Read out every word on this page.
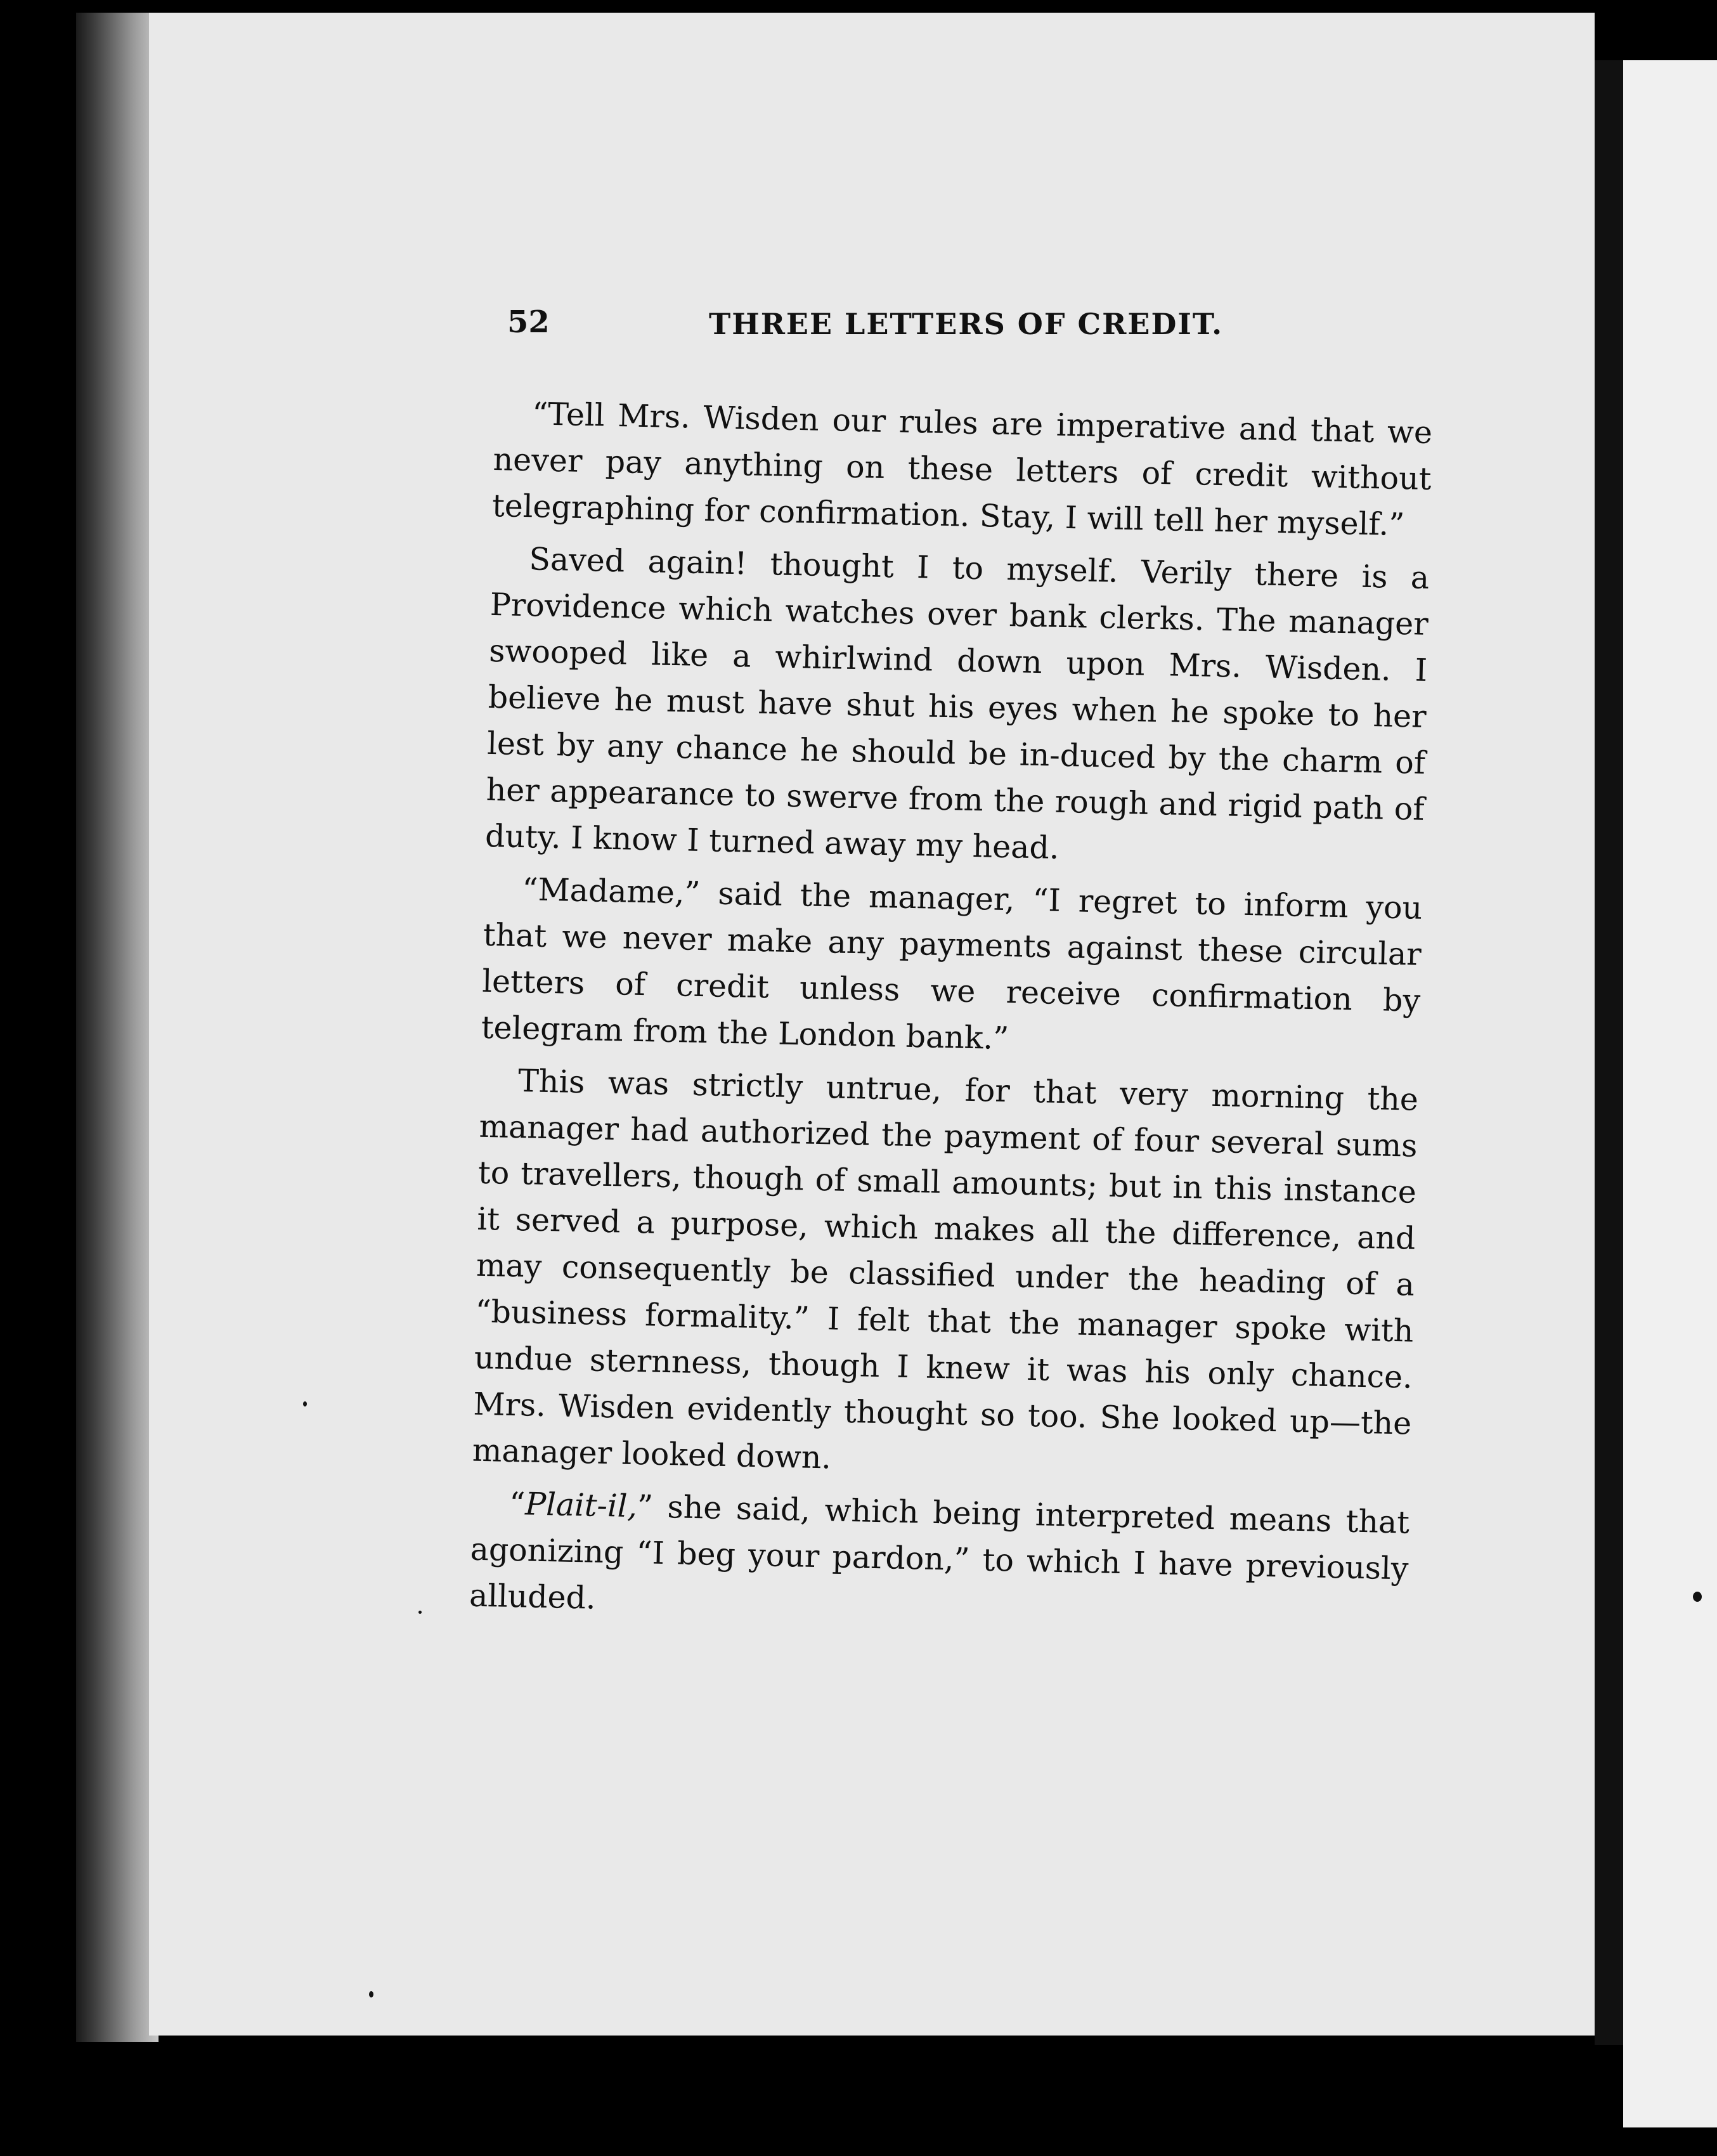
52	THREE LETTERS OF CREDIT.

“Tell Mrs. Wisden our rules are imperative and that we never pay anything on these letters of credit without telegraphing for confirmation. Stay, I will tell her myself.”

Saved again! thought I to myself. Verily there is a Providence which watches over bank clerks. The manager swooped like a whirlwind down upon Mrs. Wisden. I believe he must have shut his eyes when he spoke to her lest by any chance he should be in-duced by the charm of her appearance to swerve from the rough and rigid path of duty. I know I turned away my head.

“Madame,” said the manager, “I regret to inform you that we never make any payments against these circular letters of credit unless we receive confirmation by telegram from the London bank.”

This was strictly untrue, for that very morning the manager had authorized the payment of four several sums to travellers, though of small amounts; but in this instance it served a purpose, which makes all the difference, and may consequently be classified under the heading of a “business formality.” I felt that the manager spoke with undue sternness, though I knew it was his only chance. Mrs. Wisden evidently thought so too. She looked up—the manager looked down.

“Plait-il,” she said, which being interpreted means that agonizing “I beg your pardon,” to which I have previously alluded.
